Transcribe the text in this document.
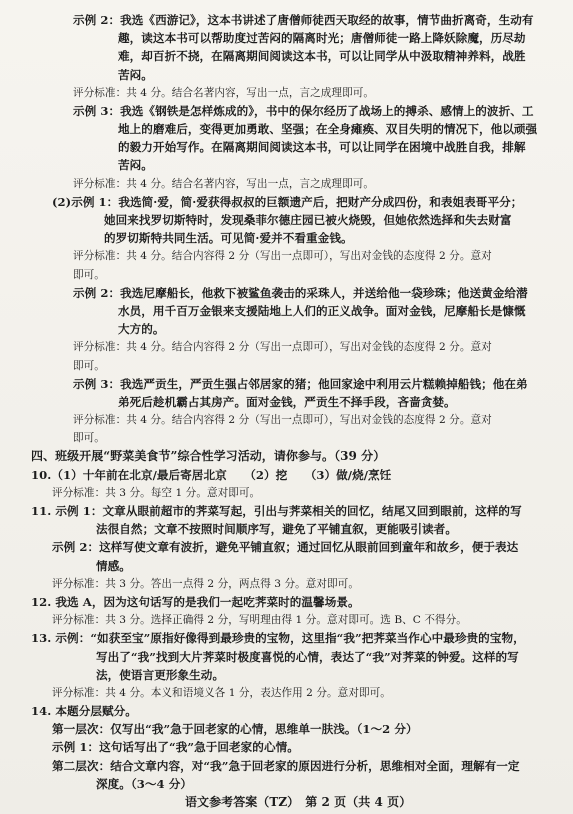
示例 2：我选《西游记》，这本书讲述了唐僧师徒西天取经的故事，情节曲折离奇，生动有
趣，读这本书可以帮助度过苦闷的隔离时光；唐僧师徒一路上降妖除魔，历尽劫
难，却百折不挠，在隔离期间阅读这本书，可以让同学从中汲取精神养料，战胜
苦闷。
评分标准：共 4 分。结合名著内容，写出一点，言之成理即可。
示例 3：我选《钢铁是怎样炼成的》，书中的保尔经历了战场上的搏杀、感情上的波折、工
地上的磨难后，变得更加勇敢、坚强；在全身瘫痪、双目失明的情况下，他以顽强
的毅力开始写作。在隔离期间阅读这本书，可以让同学在困境中战胜自我，排解
苦闷。
评分标准：共 4 分。结合名著内容，写出一点，言之成理即可。
(2)示例 1：我选简·爱，简·爱获得叔叔的巨额遗产后，把财产分成四份，和表姐表哥平分；
她回来找罗切斯特时，发现桑菲尔德庄园已被火烧毁，但她依然选择和失去财富
的罗切斯特共同生活。可见简·爱并不看重金钱。
评分标准：共 4 分。结合内容得 2 分（写出一点即可），写出对金钱的态度得 2 分。意对
即可。
示例 2：我选尼摩船长，他救下被鲨鱼袭击的采珠人，并送给他一袋珍珠；他送黄金给潜
水员，用千百万金银来支援陆地上人们的正义战争。面对金钱，尼摩船长是慷慨
大方的。
评分标准：共 4 分。结合内容得 2 分（写出一点即可），写出对金钱的态度得 2 分。意对
即可。
示例 3：我选严贡生，严贡生强占邻居家的猪；他回家途中利用云片糕赖掉船钱；他在弟
弟死后趁机霸占其房产。面对金钱，严贡生不择手段，吝啬贪婪。
评分标准：共 4 分。结合内容得 2 分（写出一点即可），写出对金钱的态度得 2 分。意对
即可。
四、班级开展“野菜美食节”综合性学习活动，请你参与。（39 分）
10.（1）十年前在北京/最后寄居北京　　（2）挖　　（3）做/烧/烹饪
评分标准：共 3 分。每空 1 分。意对即可。
11. 示例 1：文章从眼前超市的荠菜写起，引出与荠菜相关的回忆，结尾又回到眼前，这样的写
法很自然；文章不按照时间顺序写，避免了平铺直叙，更能吸引读者。
示例 2：这样写使文章有波折，避免平铺直叙；通过回忆从眼前回到童年和故乡，便于表达
情感。
评分标准：共 3 分。答出一点得 2 分，两点得 3 分。意对即可。
12. 我选 A，因为这句话写的是我们一起吃荠菜时的温馨场景。
评分标准：共 3 分。选择正确得 2 分，写明理由得 1 分。意对即可。选 B、C 不得分。
13. 示例：“如获至宝”原指好像得到最珍贵的宝物，这里指“我”把荠菜当作心中最珍贵的宝物，
写出了“我”找到大片荠菜时极度喜悦的心情，表达了“我”对荠菜的钟爱。这样的写
法，使语言更形象生动。
评分标准：共 4 分。本义和语境义各 1 分，表达作用 2 分。意对即可。
14. 本题分层赋分。
第一层次：仅写出“我”急于回老家的心情，思维单一肤浅。（1～2 分）
示例 1：这句话写出了“我”急于回老家的心情。
第二层次：结合文章内容，对“我”急于回老家的原因进行分析，思维相对全面，理解有一定
深度。（3～4 分）
语文参考答案（TZ）　第 2 页（共 4 页）
